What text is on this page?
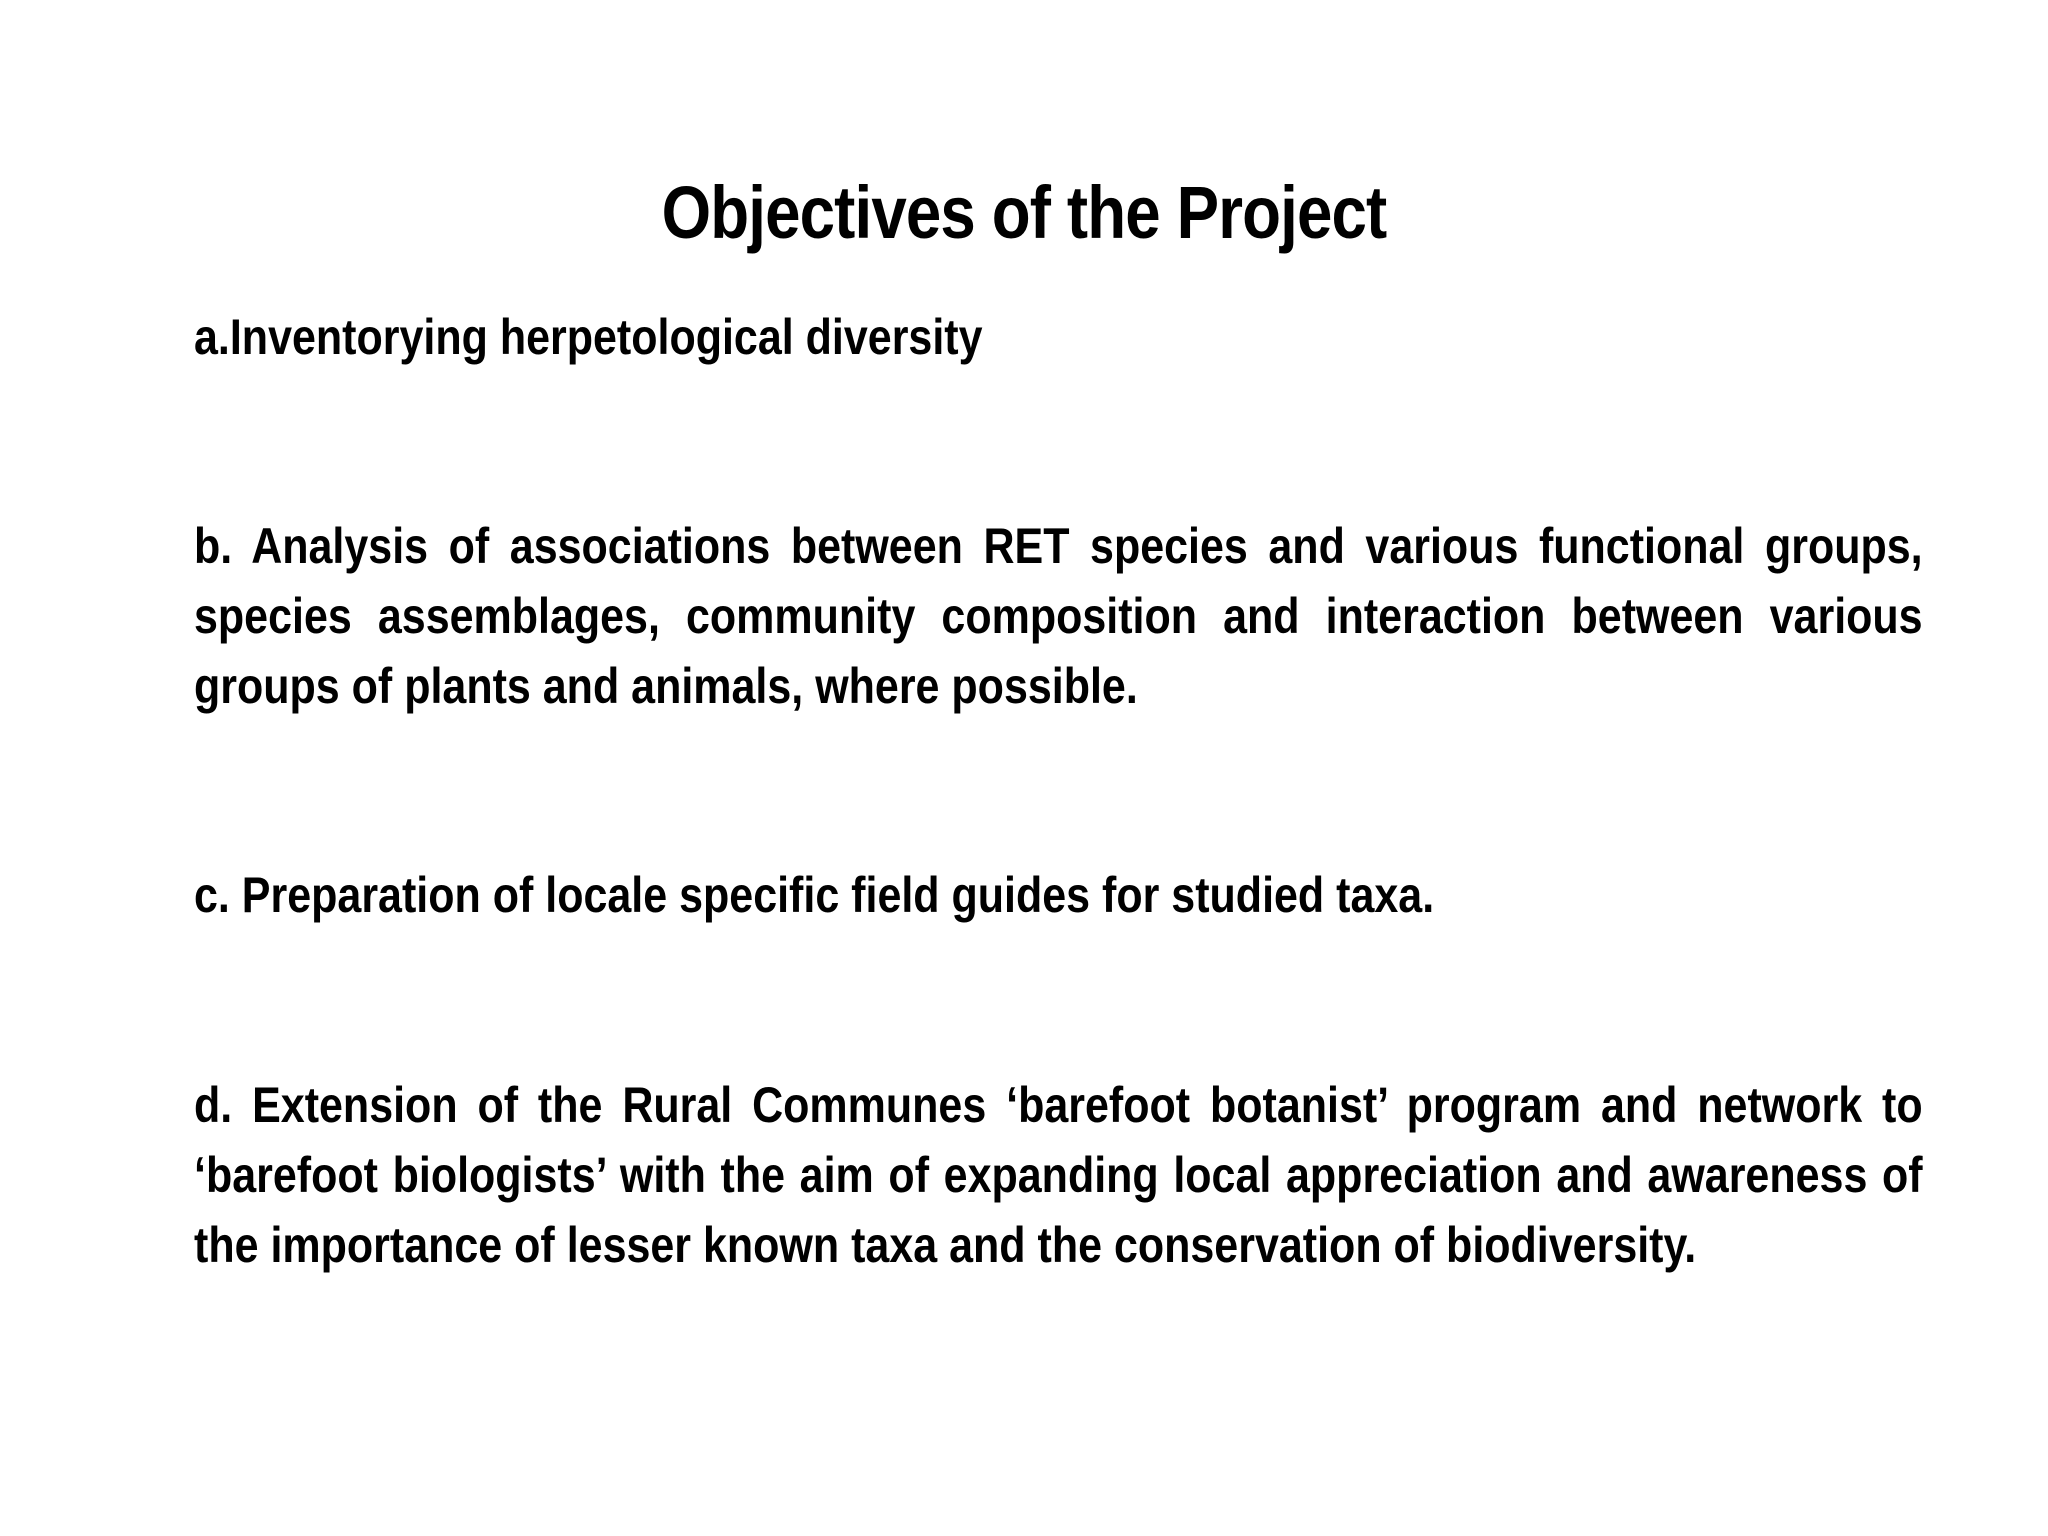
Objectives of the Project
a.Inventorying herpetological diversity
b. Analysis of associations between RET species and various functional groups, species assemblages, community composition and interaction between various groups of plants and animals, where possible.
c. Preparation of locale specific field guides for studied taxa.
d. Extension of the Rural Communes ‘barefoot botanist’ program and network to ‘barefoot biologists’ with the aim of expanding local appreciation and awareness of the importance of lesser known taxa and the conservation of biodiversity.
